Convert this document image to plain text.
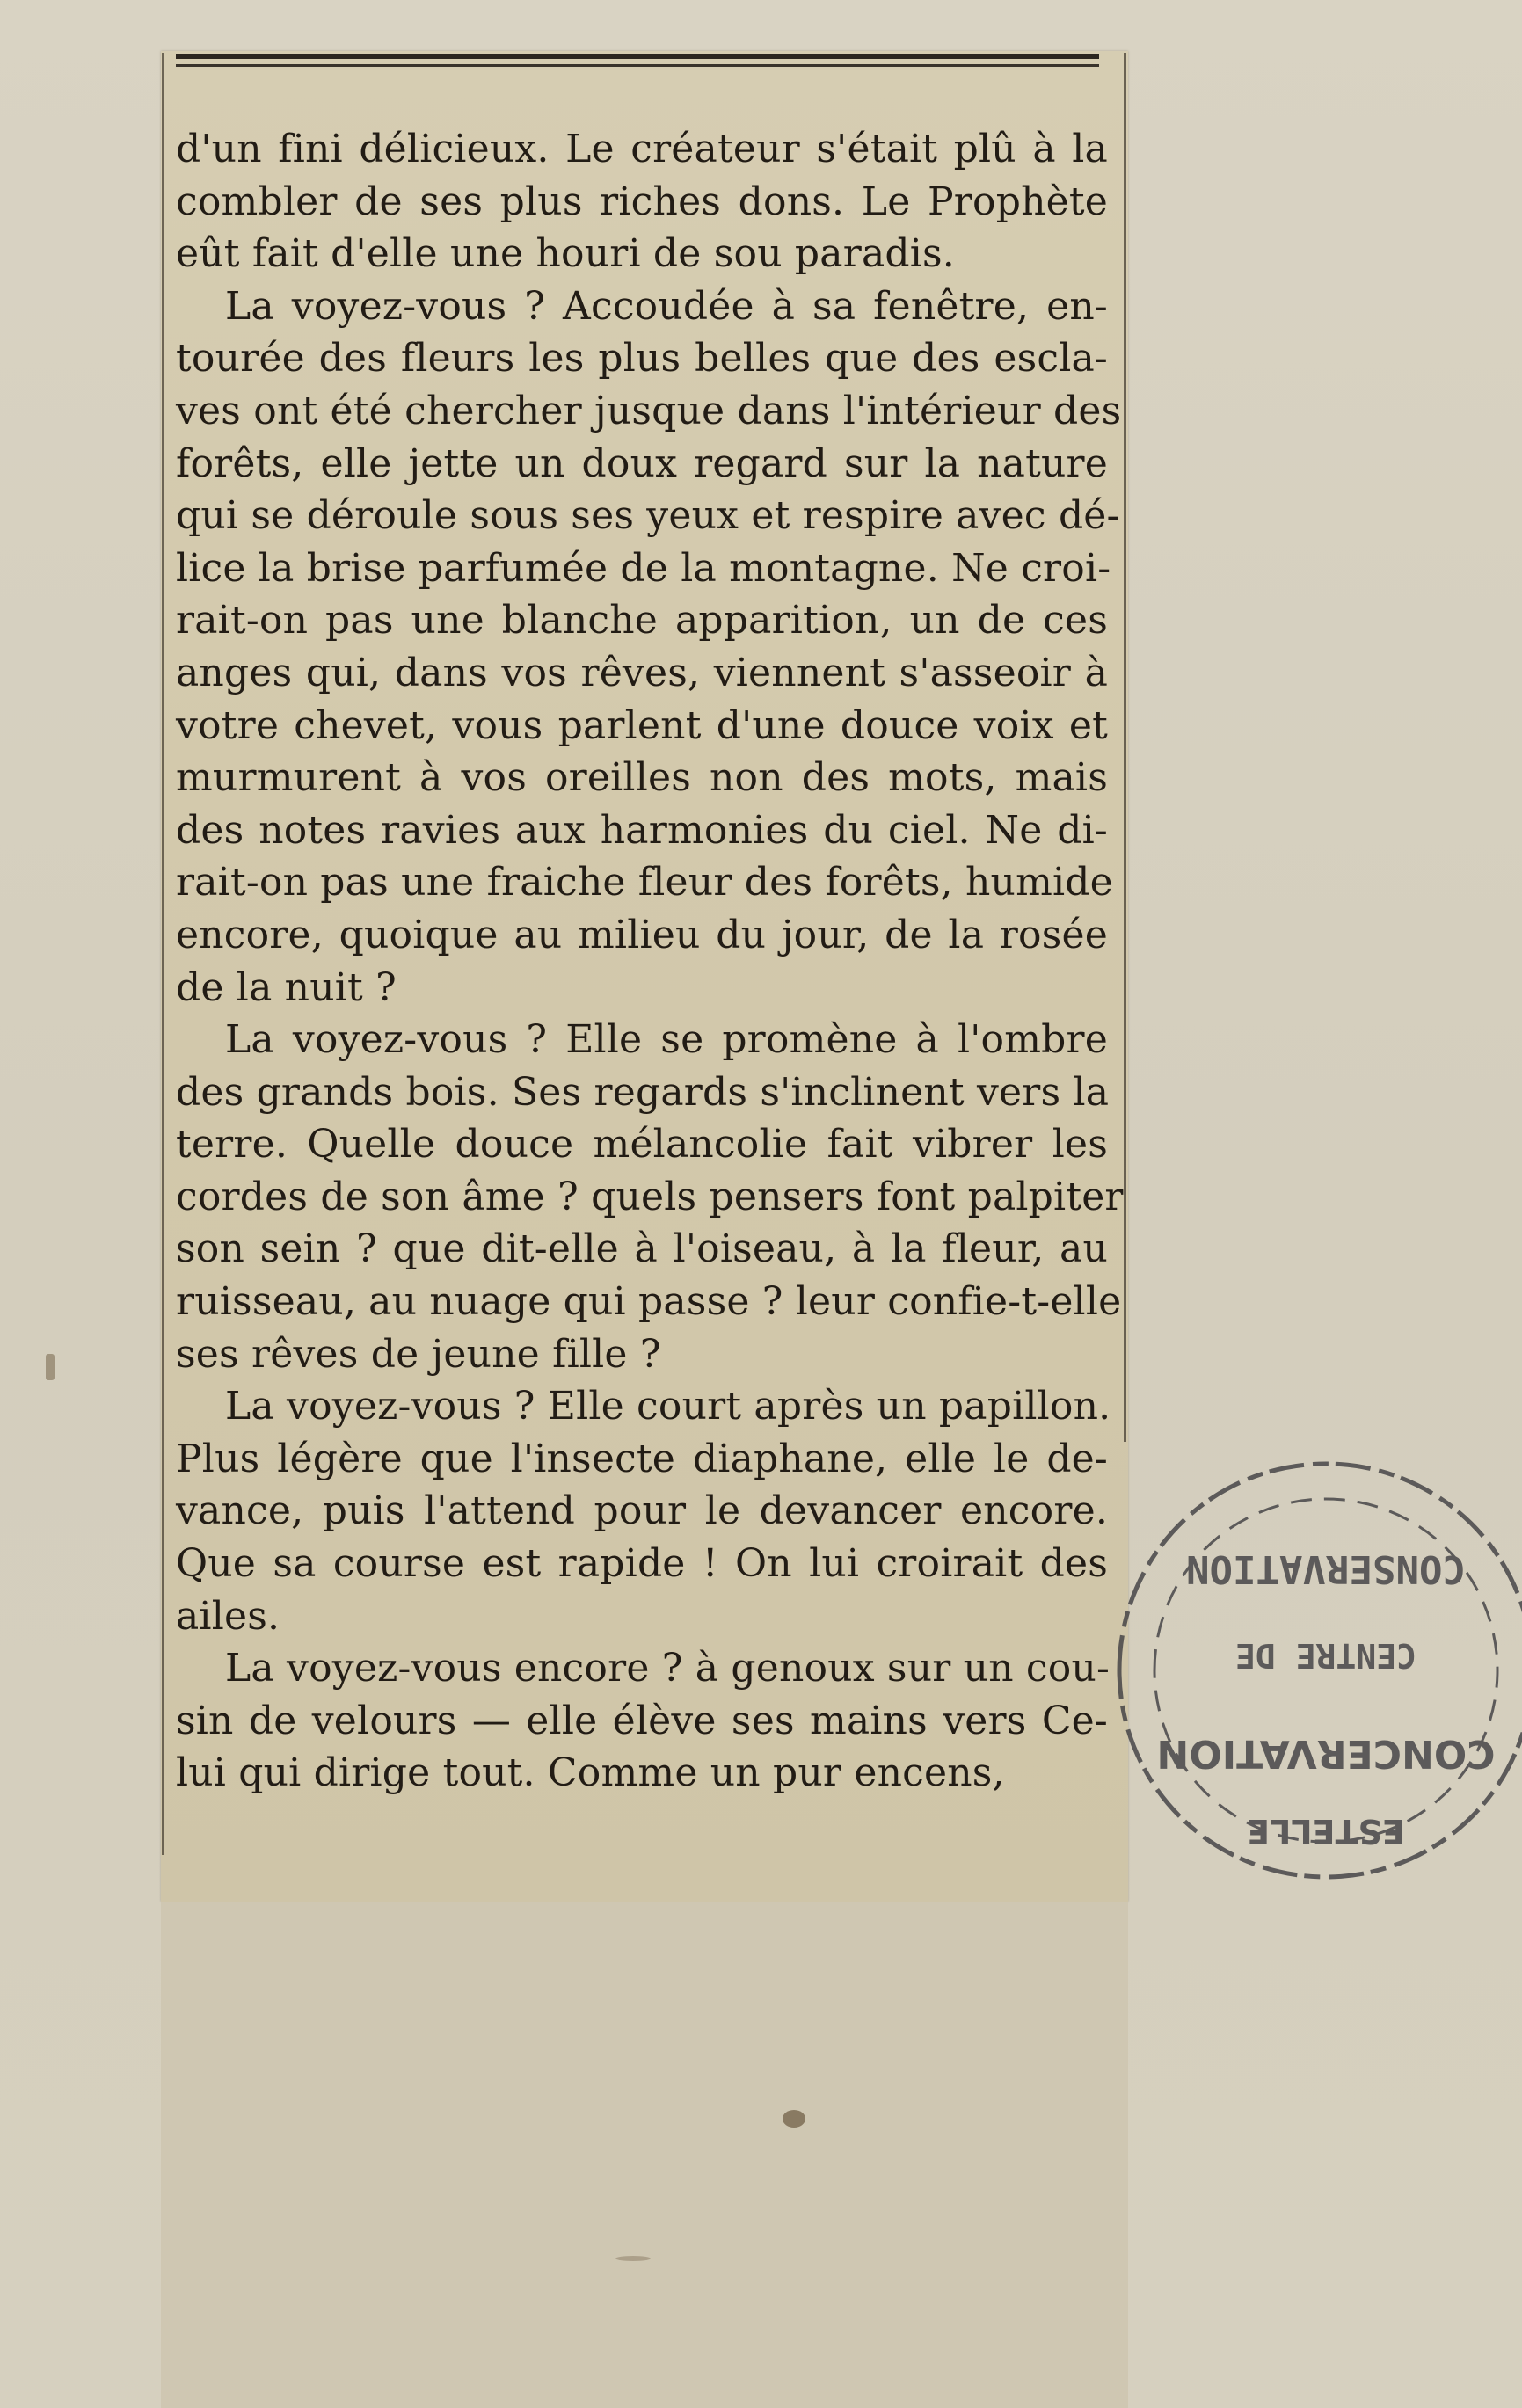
d'un fini délicieux. Le créateur s'était plû à la
combler de ses plus riches dons. Le Prophète
eût fait d'elle une houri de sou paradis.
La voyez-vous ? Accoudée à sa fenêtre, en-
tourée des fleurs les plus belles que des escla-
ves ont été chercher jusque dans l'intérieur des
forêts, elle jette un doux regard sur la nature
qui se déroule sous ses yeux et respire avec dé-
lice la brise parfumée de la montagne. Ne croi-
rait-on pas une blanche apparition, un de ces
anges qui, dans vos rêves, viennent s'asseoir à
votre chevet, vous parlent d'une douce voix et
murmurent à vos oreilles non des mots, mais
des notes ravies aux harmonies du ciel. Ne di-
rait-on pas une fraiche fleur des forêts, humide
encore, quoique au milieu du jour, de la rosée
de la nuit ?
La voyez-vous ? Elle se promène à l'ombre
des grands bois. Ses regards s'inclinent vers la
terre. Quelle douce mélancolie fait vibrer les
cordes de son âme ? quels pensers font palpiter
son sein ? que dit-elle à l'oiseau, à la fleur, au
ruisseau, au nuage qui passe ? leur confie-t-elle
ses rêves de jeune fille ?
La voyez-vous ? Elle court après un papillon.
Plus légère que l'insecte diaphane, elle le de-
vance, puis l'attend pour le devancer encore.
Que sa course est rapide ! On lui croirait des
ailes.
La voyez-vous encore ? à genoux sur un cou-
sin de velours — elle élève ses mains vers Ce-
lui qui dirige tout. Comme un pur encens,
CONSERVATION
CENTRE DE
CONCERVATION
ESTELLE
